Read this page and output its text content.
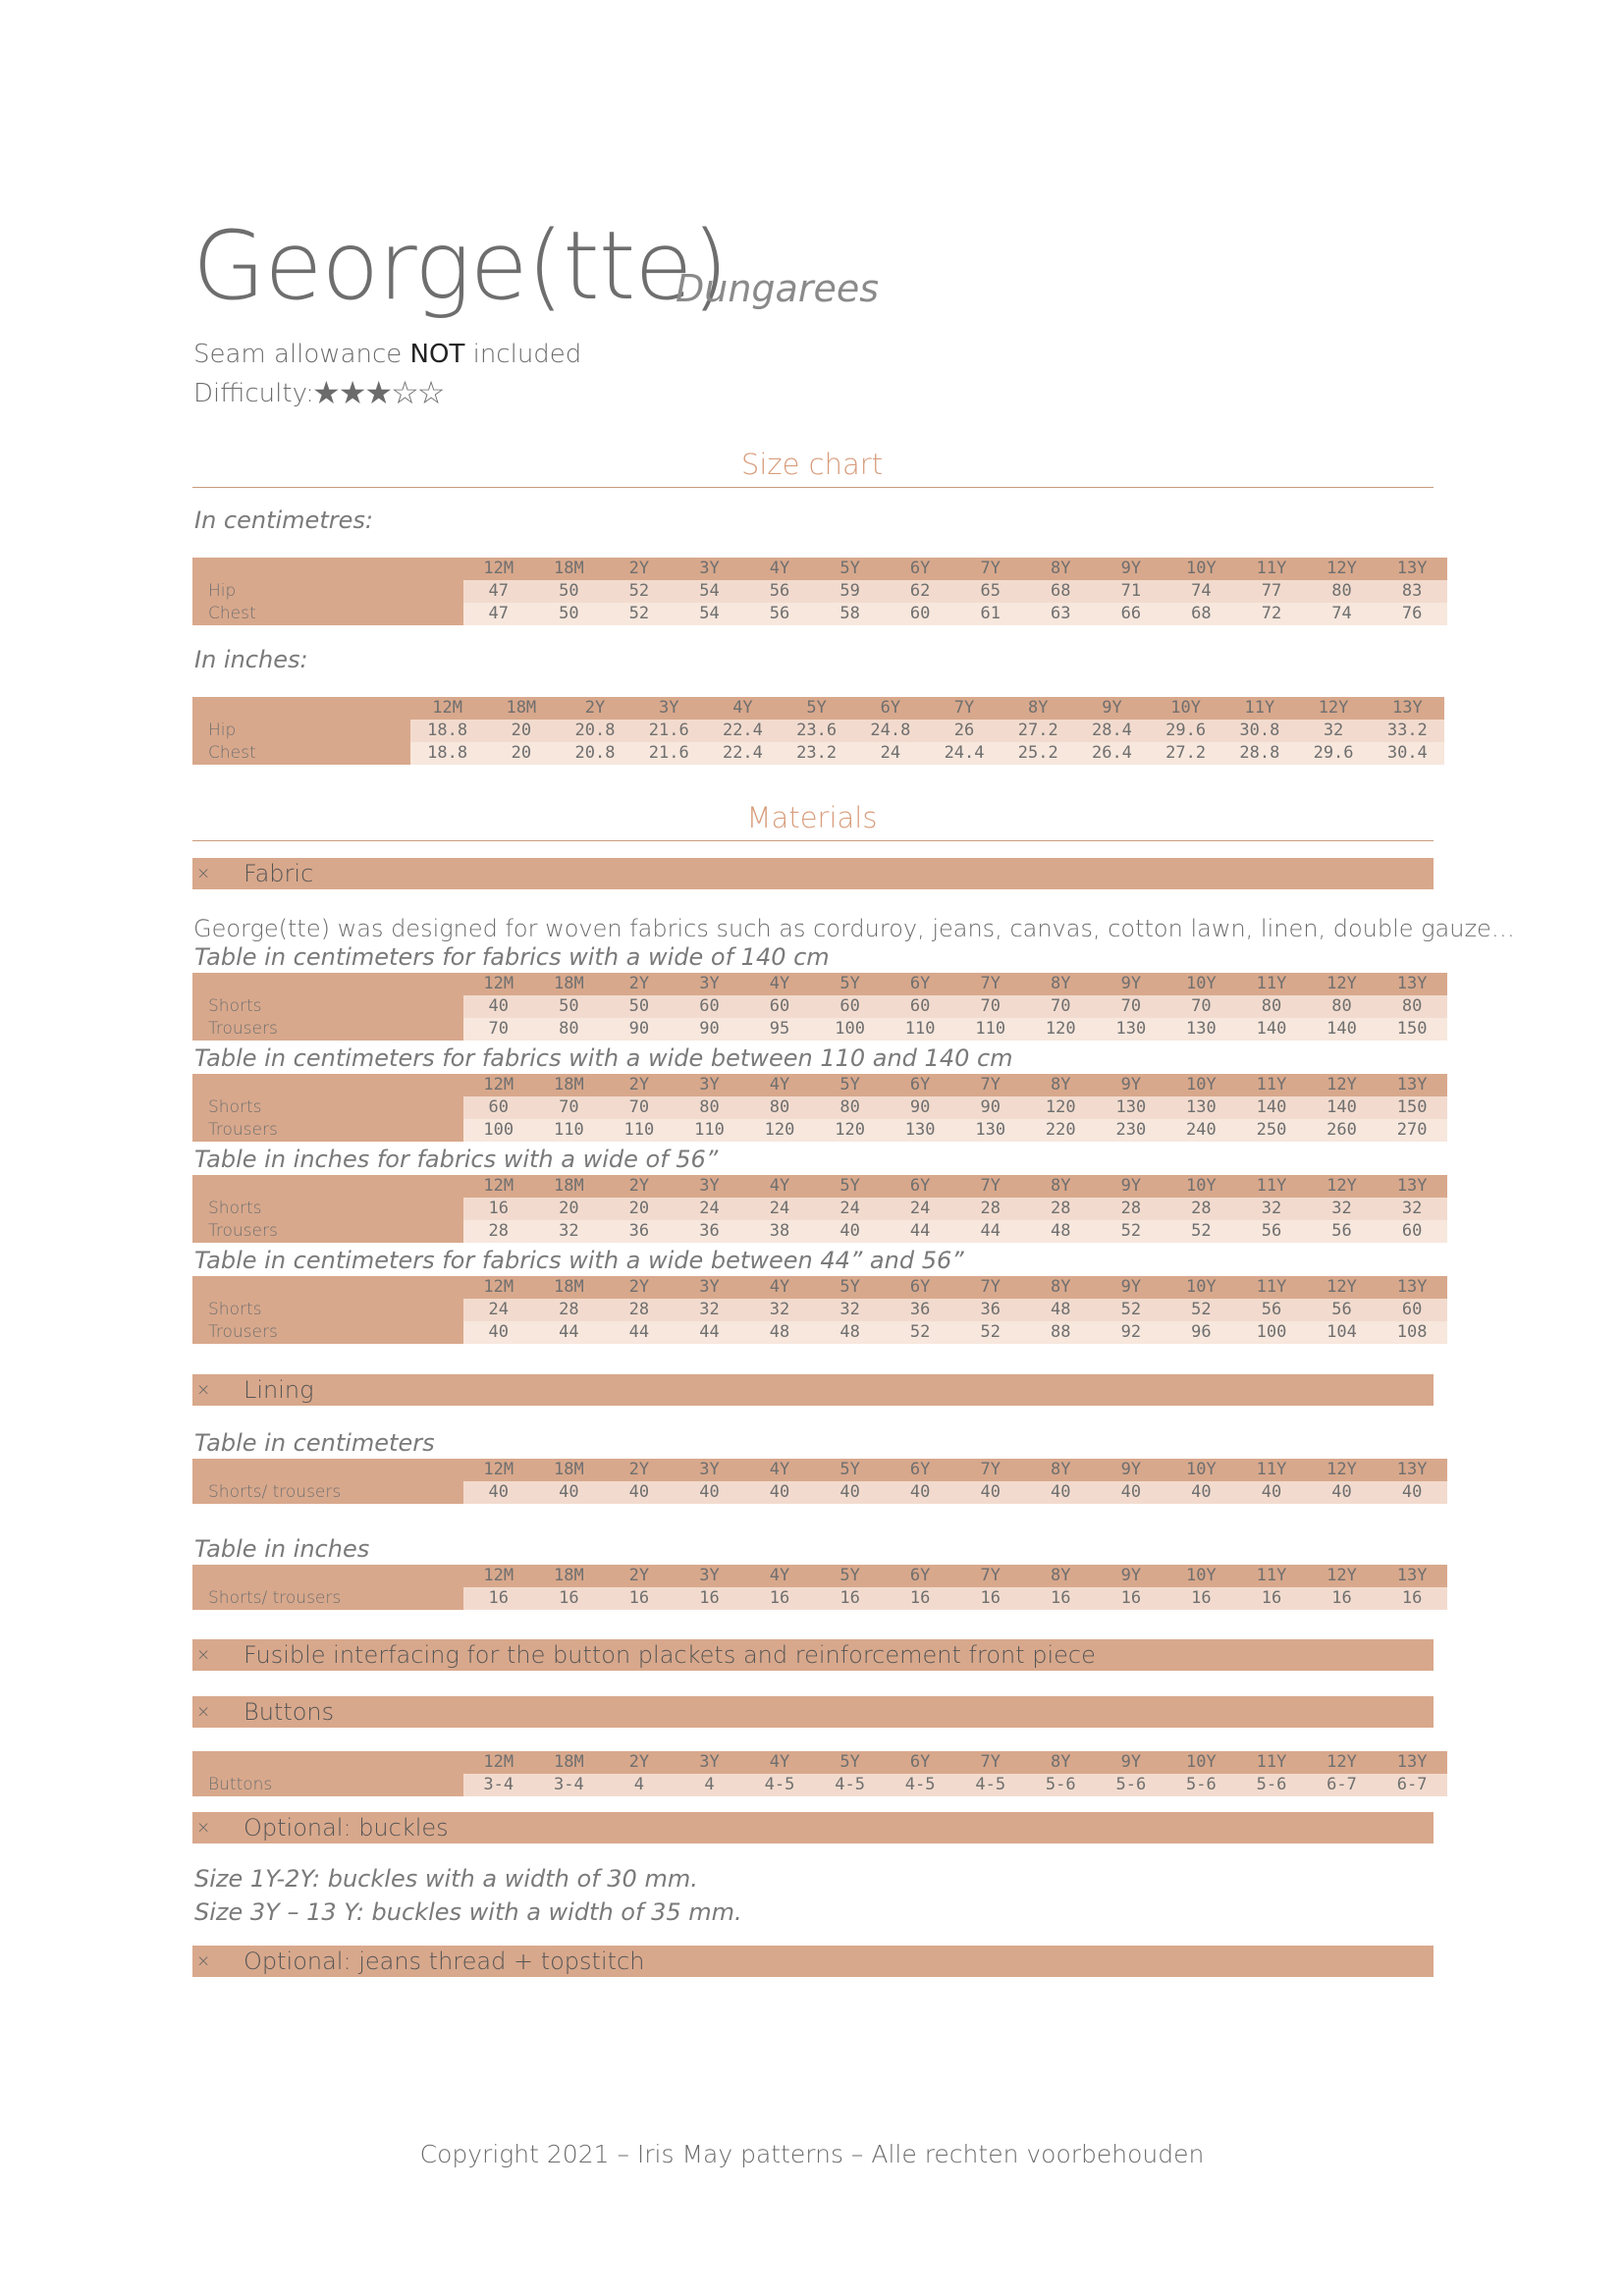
George(tte)
Dungarees
Seam allowance NOT included
Difficulty:
★★★☆☆
Size chart
In centimetres:
	12M	18M	2Y	3Y	4Y	5Y	6Y	7Y	8Y	9Y	10Y	11Y	12Y	13Y
Hip	47	50	52	54	56	59	62	65	68	71	74	77	80	83
Chest	47	50	52	54	56	58	60	61	63	66	68	72	74	76
In inches:
	12M	18M	2Y	3Y	4Y	5Y	6Y	7Y	8Y	9Y	10Y	11Y	12Y	13Y
Hip	18.8	20	20.8	21.6	22.4	23.6	24.8	26	27.2	28.4	29.6	30.8	32	33.2
Chest	18.8	20	20.8	21.6	22.4	23.2	24	24.4	25.2	26.4	27.2	28.8	29.6	30.4
Materials
× Fabric
George(tte) was designed for woven fabrics such as corduroy, jeans, canvas, cotton lawn, linen, double gauze…
Table in centimeters for fabrics with a wide of 140 cm
	12M	18M	2Y	3Y	4Y	5Y	6Y	7Y	8Y	9Y	10Y	11Y	12Y	13Y
Shorts	40	50	50	60	60	60	60	70	70	70	70	80	80	80
Trousers	70	80	90	90	95	100	110	110	120	130	130	140	140	150
Table in centimeters for fabrics with a wide between 110 and 140 cm
	12M	18M	2Y	3Y	4Y	5Y	6Y	7Y	8Y	9Y	10Y	11Y	12Y	13Y
Shorts	60	70	70	80	80	80	90	90	120	130	130	140	140	150
Trousers	100	110	110	110	120	120	130	130	220	230	240	250	260	270
Table in inches for fabrics with a wide of 56”
	12M	18M	2Y	3Y	4Y	5Y	6Y	7Y	8Y	9Y	10Y	11Y	12Y	13Y
Shorts	16	20	20	24	24	24	24	28	28	28	28	32	32	32
Trousers	28	32	36	36	38	40	44	44	48	52	52	56	56	60
Table in centimeters for fabrics with a wide between 44” and 56”
	12M	18M	2Y	3Y	4Y	5Y	6Y	7Y	8Y	9Y	10Y	11Y	12Y	13Y
Shorts	24	28	28	32	32	32	36	36	48	52	52	56	56	60
Trousers	40	44	44	44	48	48	52	52	88	92	96	100	104	108
× Lining
Table in centimeters
	12M	18M	2Y	3Y	4Y	5Y	6Y	7Y	8Y	9Y	10Y	11Y	12Y	13Y
Shorts/ trousers	40	40	40	40	40	40	40	40	40	40	40	40	40	40
Table in inches
	12M	18M	2Y	3Y	4Y	5Y	6Y	7Y	8Y	9Y	10Y	11Y	12Y	13Y
Shorts/ trousers	16	16	16	16	16	16	16	16	16	16	16	16	16	16
× Fusible interfacing for the button plackets and reinforcement front piece
× Buttons
	12M	18M	2Y	3Y	4Y	5Y	6Y	7Y	8Y	9Y	10Y	11Y	12Y	13Y
Buttons	3-4	3-4	4	4	4-5	4-5	4-5	4-5	5-6	5-6	5-6	5-6	6-7	6-7
× Optional: buckles
Size 1Y-2Y: buckles with a width of 30 mm.
Size 3Y – 13 Y: buckles with a width of 35 mm.
× Optional: jeans thread + topstitch
Copyright 2021 – Iris May patterns – Alle rechten voorbehouden
